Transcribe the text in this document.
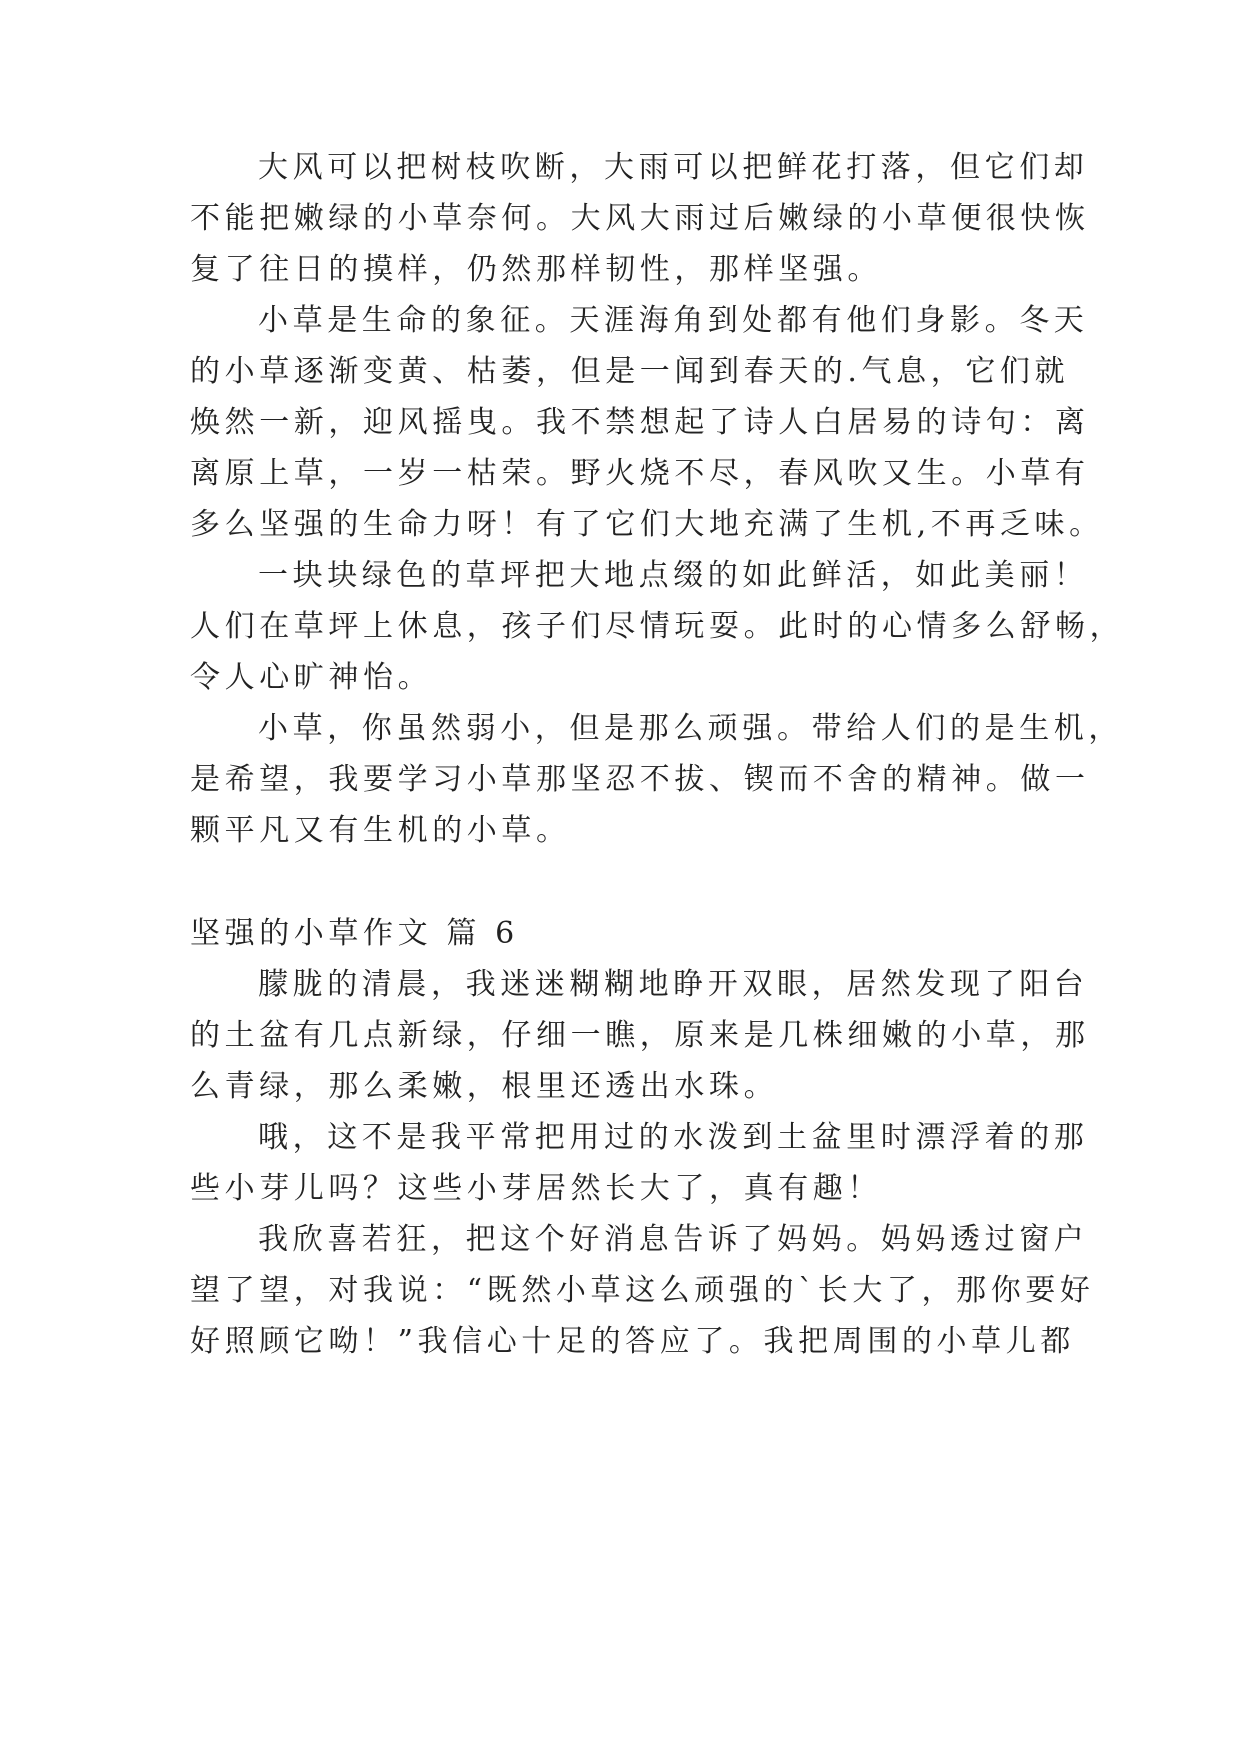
大风可以把树枝吹断，大雨可以把鲜花打落，但它们却
不能把嫩绿的小草奈何。大风大雨过后嫩绿的小草便很快恢
复了往日的摸样，仍然那样韧性，那样坚强。
小草是生命的象征。天涯海角到处都有他们身影。冬天
的小草逐渐变黄、枯萎，但是一闻到春天的.气息，它们就
焕然一新，迎风摇曳。我不禁想起了诗人白居易的诗句：离
离原上草，一岁一枯荣。野火烧不尽，春风吹又生。小草有
多么坚强的生命力呀！有了它们大地充满了生机,不再乏味。
一块块绿色的草坪把大地点缀的如此鲜活，如此美丽！
人们在草坪上休息，孩子们尽情玩耍。此时的心情多么舒畅，
令人心旷神怡。
小草，你虽然弱小，但是那么顽强。带给人们的是生机，
是希望，我要学习小草那坚忍不拔、锲而不舍的精神。做一
颗平凡又有生机的小草。
坚强的小草作文 篇 6
朦胧的清晨，我迷迷糊糊地睁开双眼，居然发现了阳台
的土盆有几点新绿，仔细一瞧，原来是几株细嫩的小草，那
么青绿，那么柔嫩，根里还透出水珠。
哦，这不是我平常把用过的水泼到土盆里时漂浮着的那
些小芽儿吗？这些小芽居然长大了，真有趣！
我欣喜若狂，把这个好消息告诉了妈妈。妈妈透过窗户
望了望，对我说：“既然小草这么顽强的`长大了，那你要好
好照顾它呦！”我信心十足的答应了。我把周围的小草儿都
